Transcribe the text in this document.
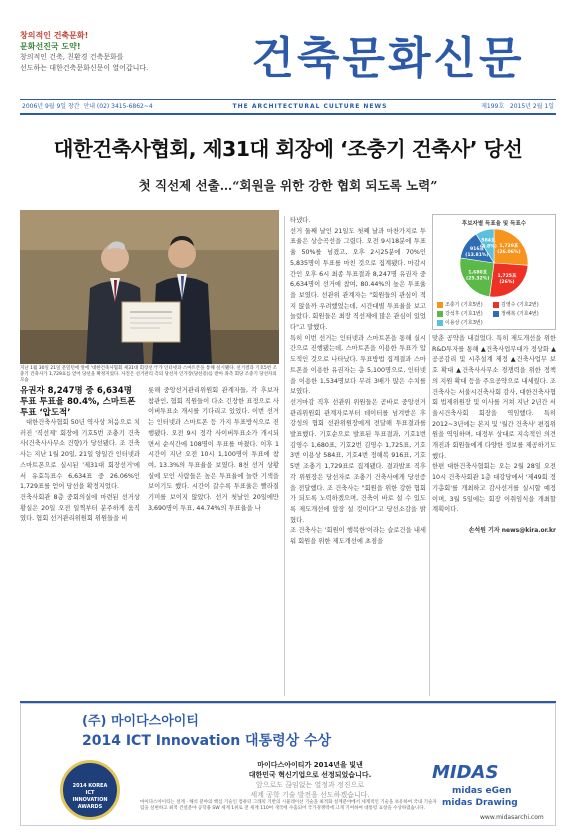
창의적인 건축문화!
문화선진국 도약!
창의적인 건축, 친환경 건축문화를
선도하는 대한건축문화신문이 열어갑니다.	건축문화신문
2006년 9월 9일 창간 안내 (02) 3415-6862~4	THE ARCHITECTURAL CULTURE NEWS	제199호 2015년 2월 1일
대한건축사협회, 제31대 회장에 ‘조충기 건축사’ 당선
첫 직선제 선출…“회원을 위한 강한 협회 되도록 노력”
지난 1월 30일 21일 문밀턴에 앞에 '대한건축사협회 제31대 회장선거'가 인터넷과 스마트폰을 통해 실시됐다. 선거결과 기호5번 조충기 건축사가 1,729표를 얻어 당선을 확정지었다. 사진은 선거관리 측의 당선자 인가장(당선증)를 받아 좌측 회당 조충기 당선자의 모습
유권자 8,247명 중 6,634명 투표 투표율 80.4%, 스마트폰 투표 ‘압도적’
대한건축사협회 50년 역사상 처음으로 치러진 '직선제' 회장에 기호5번 조충기 건축사(건축사사무소 건향)가 당선됐다. 조 건축사는 지난 1월 20일, 21일 양일간 인터넷과 스마트폰으로 실시된 '제31대 회장선거'에서 유효득표수 6,634표 중 26.06%인 1,729표를 얻어 당선을 확정지었다.
건축사회관 8층 중회의실에 마련된 선거상황실은 20일 오전 일찍부터 분주하게 움직였다. 협회 선거관리위원회 위원들을 비
롯해 중앙선거관리위원회 관계자들, 각 후보자 참관인, 협회 직원들이 다소 긴장한 표정으로 사이버투표소 개시를 기다리고 있었다. 이번 선거는 인터넷과 스마트폰 등 가지 투표방식으로 진행됐다. 오전 9시 정각 사이버투표소가 개시되면서 순식간에 108명이 투표를 마쳤다. 이후 1시간이 지난 오전 10시 1,100명이 투표에 참여, 13.3%의 투표율을 보였다. 8천 선거 상황실에 모인 사람들은 높은 투표율에 놀란 기색을 보이기도 했다. 시간이 갈수록 투표율은 빨라질 기미를 보이지 않았다. 선거 첫날인 20일에만 3,690명이 투표, 44.74%의 투표율을 나
타냈다.
선거 둘째 날인 21일도 첫째 날과 마찬가지로 투표율은 상승곡선을 그렸다. 오전 9시18분에 투표율 50%를 넘겼고, 오후 2시25분에 70%인 5,835명이 투표를 마친 것으로 집계됐다. 마감시간인 오후 6시 최종 투표결과 8,247명 유권자 중 6,634명이 선거에 참여, 80.44%의 높은 투표율을 보였다. 선관위 관계자는 "회원들의 관심이 적지 않을까 우려했었는데, 시간대별 투표율을 보고 놀랐다. 회원들은 최장 직선제에 많은 관심이 있었다"고 말했다.
특히 이번 선거는 인터넷과 스마트폰을 통해 실시간으로 진행됐는데, 스마트폰을 이용한 투표가 압도적인 것으로 나타났다. 투표방법 집계결과 스마트폰을 이용한 유권자는 총 5,100명으로, 인터넷을 이용한 1,534명보다 무려 3배가 많은 수치를 보였다.
선거마감 직후 선관위 위원들은 곧바로 중앙선거관리위원회 관계자로부터 데이터를 넘겨받은 후 강성의 협회 선관위원장에게 전달해 투표결과를 발표했다. 기호순으로 발표된 투표결과, 기호1번 김영수 1,680표, 기호2번 김영수 1,725표, 기호3번 이용상 584표, 기호4번 정해복 916표, 기호5번 조충기 1,729표로 집계됐다. 결과발표 직후 각 위원장은 당선자로 조충기 건축사에게 당선증을 전달했다. 조 건축사는 "회원을 위한 강한 협회가 되도록 노력하겠으며, 건축이 바로 설 수 있도록 제도개선에 앞장 설 것이다"고 당선소감을 밝혔다.
조 건축사는 '회원이 행복한'이라는 슬로건을 내세워 회원을 위한 제도개선에 초점을
맞춘 공약을 내걸었다. 특히 제도개선을 위한 R&D투자를 통해 ▲건축사업무대가 정상화 ▲공공감리 및 시추설계 제정 ▲건축사업무 보호 확대 ▲건축사사무소 경쟁력을 위한 정책의 지원 확대 등을 주요공약으로 내세웠다. 조 건축사는 서울시건축사회 감사, 대한건축사협회 법제위원장 및 이사를 거쳐 지난 2년간 서울시건축사회 회장을 역임했다. 특히 2012~3년에는 본지 및 '월간 건축사' 편집위원을 역임하며, 대정부 상대로 지속적인 의견 개진과 회원들에게 다양한 정보를 제공하기도 했다.
한편 대한건축사협회는 오는 2월 28일 오전 10시 건축사회관 1층 대강당에서 '제49회 정기총회'를 개최하고 감사선거를 실시할 예정이며, 3월 5일에는 회장 이취임식을 개최할 계획이다.
손석원 기자 news@kira.or.kr
후보자별 득표율 및 득표수
1,729표
(26.06%)
1,725표
(26%)
1,680표
(25.32%)
916표
(13.81%)
584표
(8.8%)
조충기 (기호5번)	김영수 (기호2번)강석후 (기호1번)	정해복 (기호4번)이용상 (기호3번)
(주) 마이다스아이티
2014 ICT Innovation 대통령상 수상
2014 KOREA ICT INNOVATION AWARDS
마이다스아이티가 2014년을 빛낸
대한민국 혁신기업으로 선정되었습니다.
앞으로도 끊임없는 열정과 정진으로
세계 공학 기술 발전을 선도하겠습니다.
MIDAS
midas eGen
midas Drawing
마이다스아이티는 설계 · 해석 분야의 핵심 기술인 컴퓨터 그래픽 기반의 시뮬레이션 기술을 최적화 설계분야에서 세계적인 기술을 보유하여 국내 기술자립을 실현하고 최적 건설분야 공학용 SW 세계 1위로 전 세계 110여 개국에 수출되어 국가경쟁력에 크게 기여하여 대통령 표창을 수상하였습니다.
www.midasarchi.com
